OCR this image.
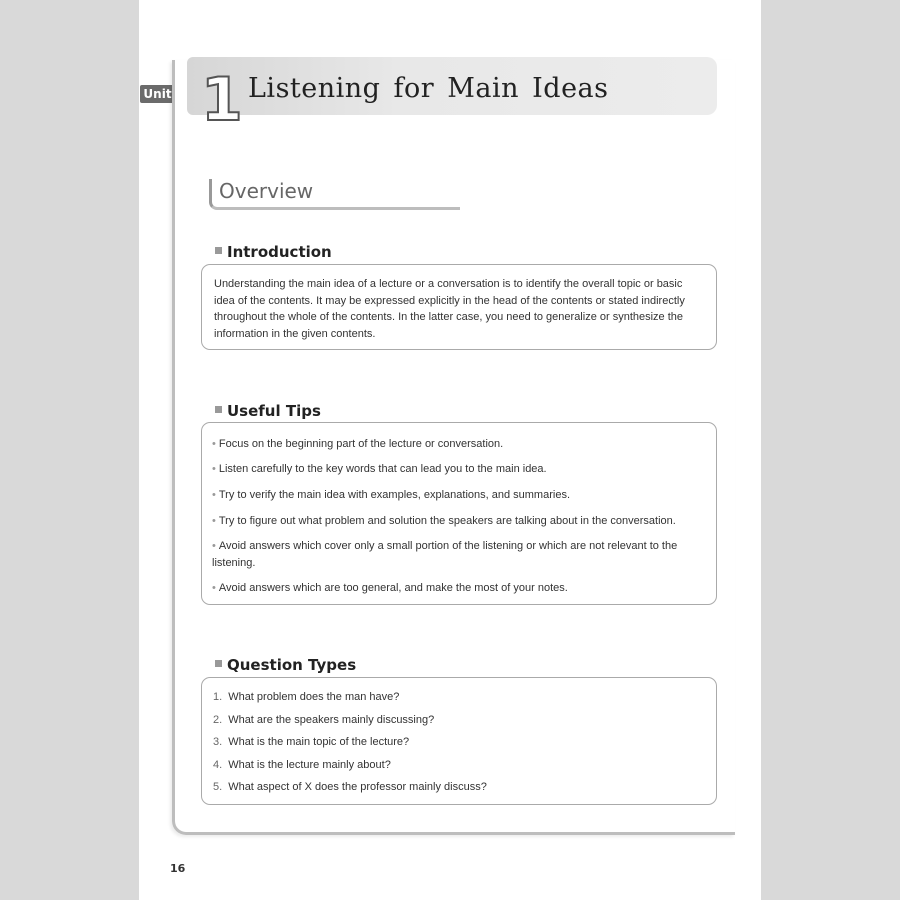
Unit 1 Listening for Main Ideas
Overview
Introduction
Understanding the main idea of a lecture or a conversation is to identify the overall topic or basic idea of the contents. It may be expressed explicitly in the head of the contents or stated indirectly throughout the whole of the contents. In the latter case, you need to generalize or synthesize the information in the given contents.
Useful Tips
• Focus on the beginning part of the lecture or conversation.
• Listen carefully to the key words that can lead you to the main idea.
• Try to verify the main idea with examples, explanations, and summaries.
• Try to figure out what problem and solution the speakers are talking about in the conversation.
• Avoid answers which cover only a small portion of the listening or which are not relevant to the listening.
• Avoid answers which are too general, and make the most of your notes.
Question Types
1. What problem does the man have?
2. What are the speakers mainly discussing?
3. What is the main topic of the lecture?
4. What is the lecture mainly about?
5. What aspect of X does the professor mainly discuss?
16
